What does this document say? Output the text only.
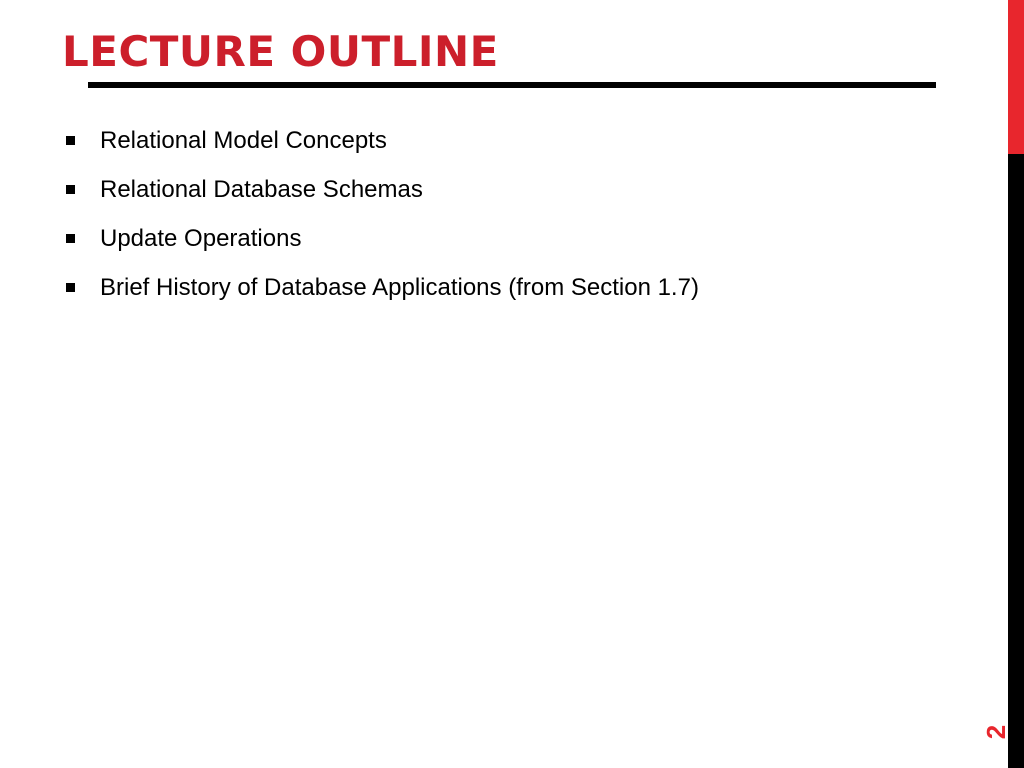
LECTURE OUTLINE
Relational Model Concepts
Relational Database Schemas
Update Operations
Brief History of Database Applications (from Section 1.7)
2
